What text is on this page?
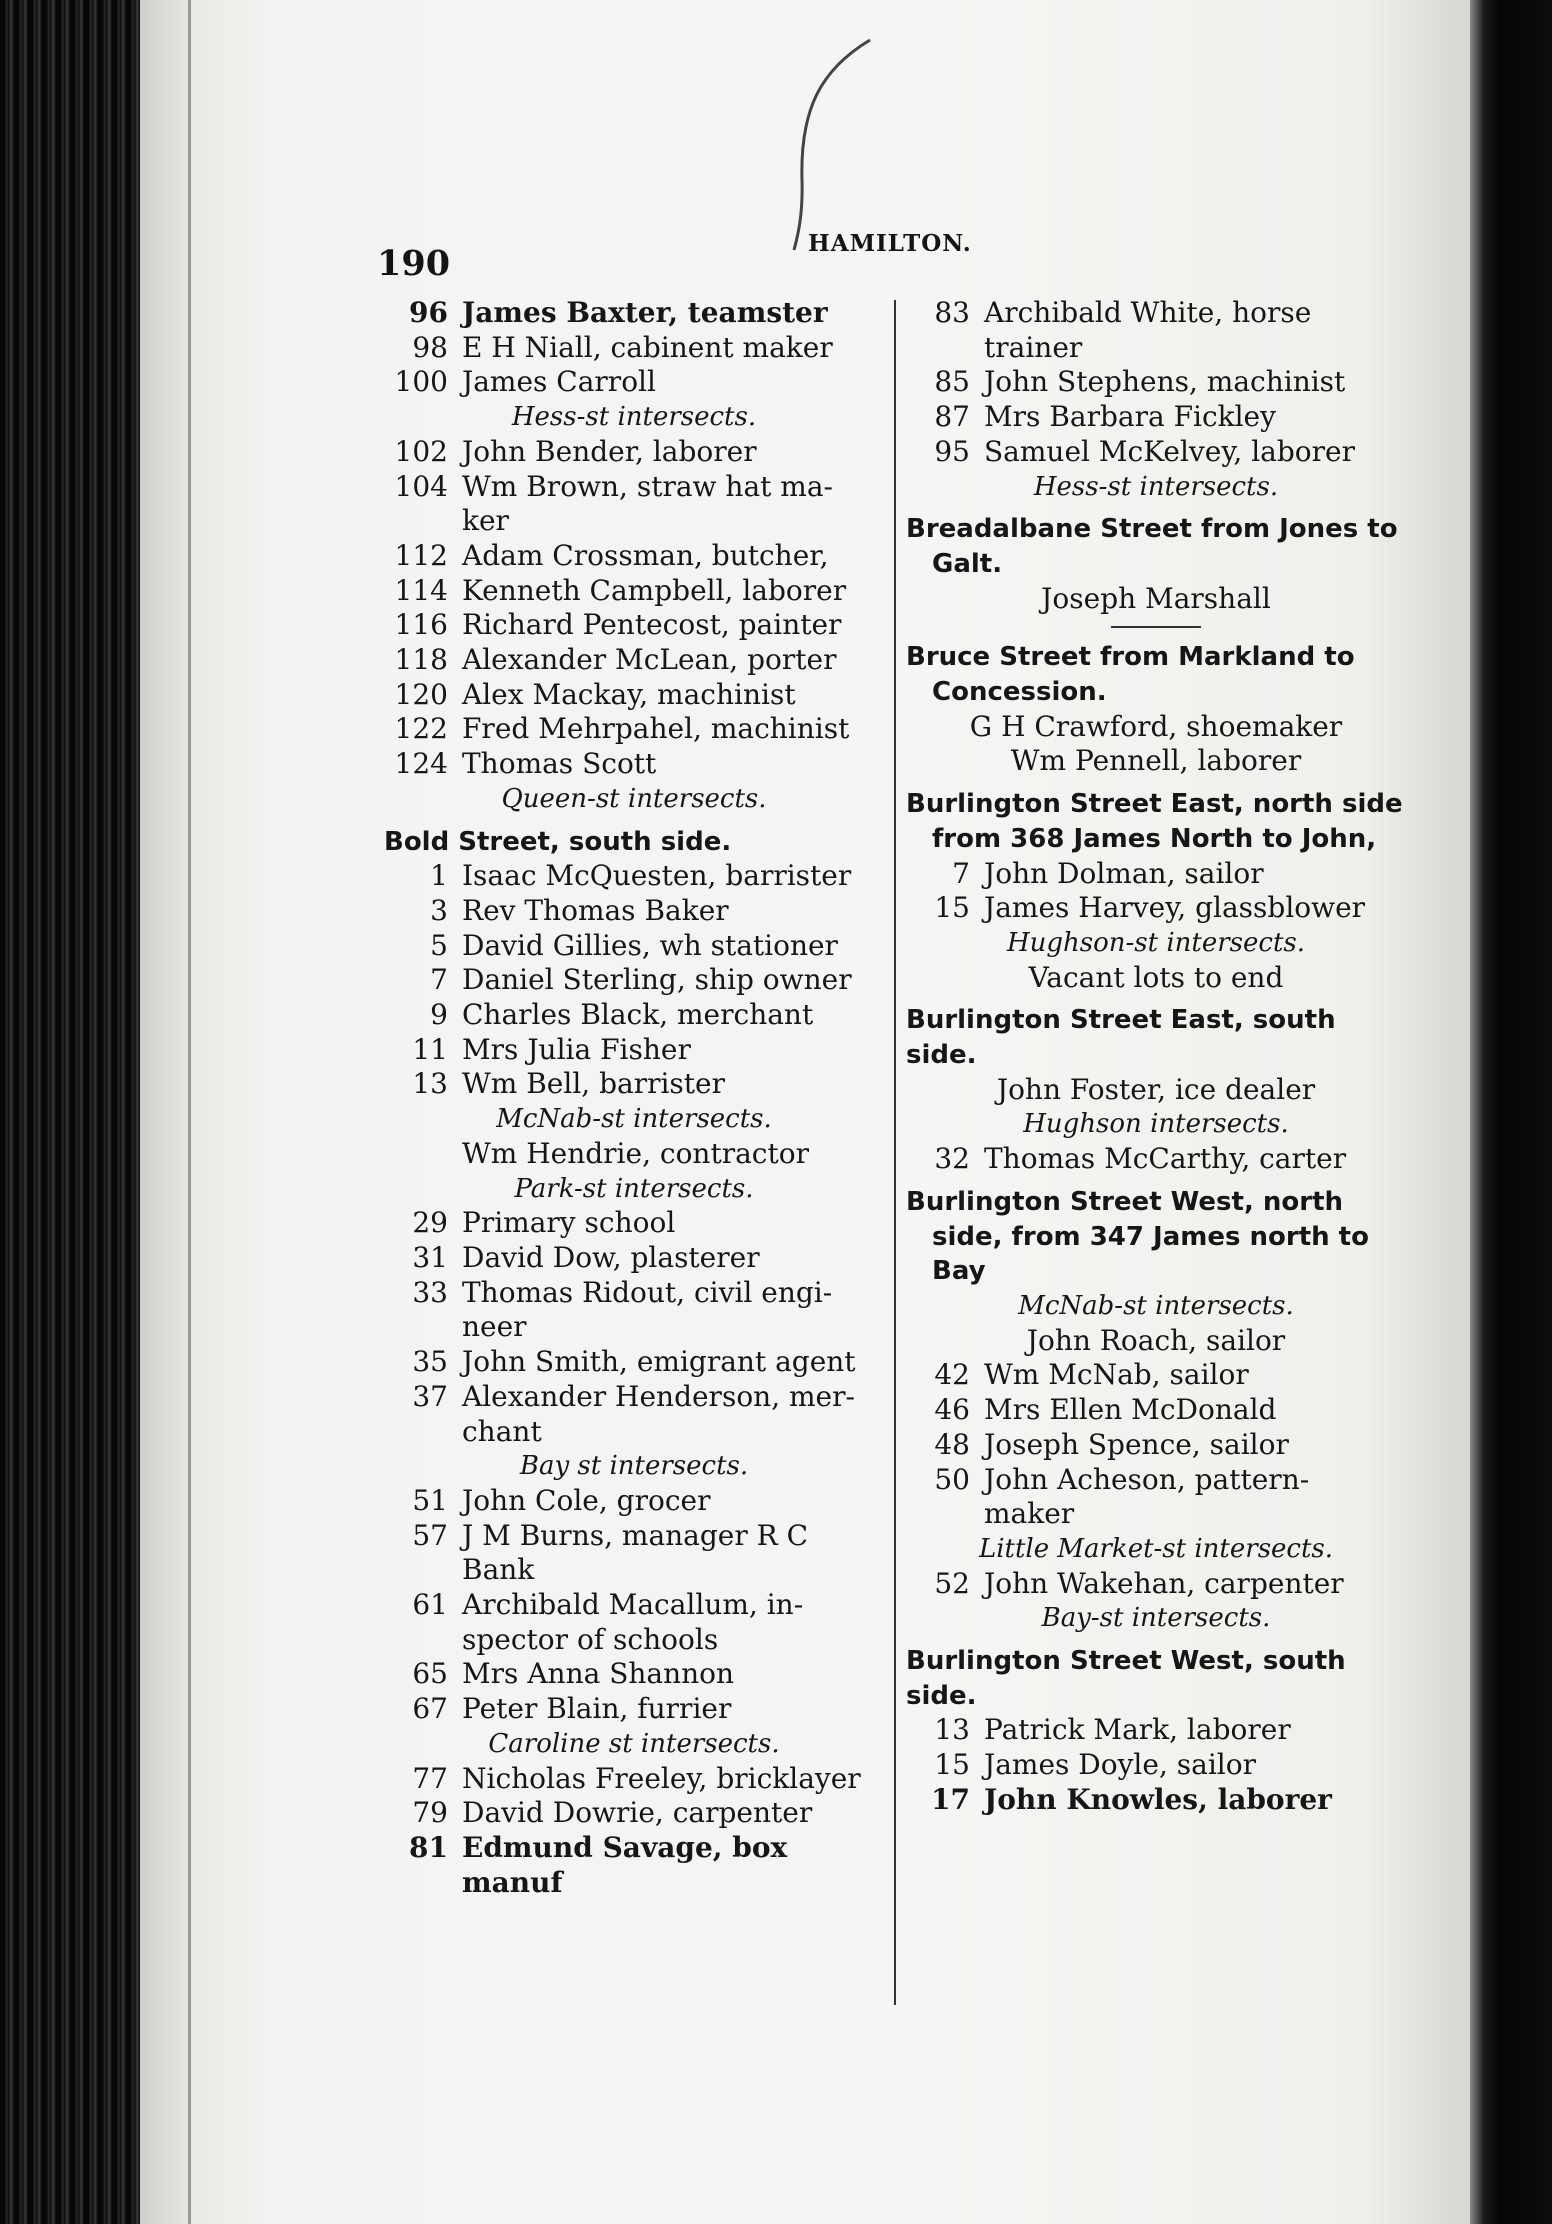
190	HAMILTON.
96 James Baxter, teamster
98 E H Niall, cabinent maker
100 James Carroll
Hess-st intersects.
102 John Bender, laborer
104 Wm Brown, straw hat ma-
ker
112 Adam Crossman, butcher,
114 Kenneth Campbell, laborer
116 Richard Pentecost, painter
118 Alexander McLean, porter
120 Alex Mackay, machinist
122 Fred Mehrpahel, machinist
124 Thomas Scott
Queen-st intersects.
Bold Street, south side.
1 Isaac McQuesten, barrister
3 Rev Thomas Baker
5 David Gillies, wh stationer
7 Daniel Sterling, ship owner
9 Charles Black, merchant
11 Mrs Julia Fisher
13 Wm Bell, barrister
McNab-st intersects.
Wm Hendrie, contractor
Park-st intersects.
29 Primary school
31 David Dow, plasterer
33 Thomas Ridout, civil engi-
neer
35 John Smith, emigrant agent
37 Alexander Henderson, mer-
chant
Bay st intersects.
51 John Cole, grocer
57 J M Burns, manager R C
Bank
61 Archibald Macallum, in-
spector of schools
65 Mrs Anna Shannon
67 Peter Blain, furrier
Caroline st intersects.
77 Nicholas Freeley, bricklayer
79 David Dowrie, carpenter
81 Edmund Savage, box manuf
83 Archibald White, horse
trainer
85 John Stephens, machinist
87 Mrs Barbara Fickley
95 Samuel McKelvey, laborer
Hess-st intersects.
Breadalbane Street from Jones to
Galt.
Joseph Marshall
Bruce Street from Markland to
Concession.
G H Crawford, shoemaker
Wm Pennell, laborer
Burlington Street East, north side
from 368 James North to John,
7 John Dolman, sailor
15 James Harvey, glassblower
Hughson-st intersects.
Vacant lots to end
Burlington Street East, south side.
John Foster, ice dealer
Hughson intersects.
32 Thomas McCarthy, carter
Burlington Street West, north
side, from 347 James north to
Bay
McNab-st intersects.
John Roach, sailor
42 Wm McNab, sailor
46 Mrs Ellen McDonald
48 Joseph Spence, sailor
50 John Acheson, pattern-
maker
Little Market-st intersects.
52 John Wakehan, carpenter
Bay-st intersects.
Burlington Street West, south side.
13 Patrick Mark, laborer
15 James Doyle, sailor
17 John Knowles, laborer
